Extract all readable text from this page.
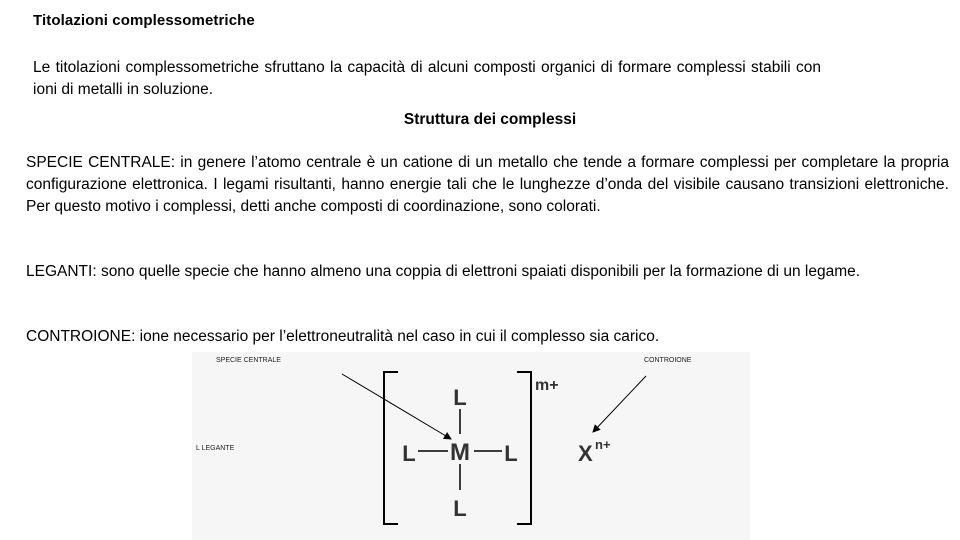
Titolazioni complessometriche
Le titolazioni complessometriche sfruttano la capacità di alcuni composti organici di formare complessi stabili con ioni di metalli in soluzione.
Struttura dei complessi
SPECIE CENTRALE: in genere l’atomo centrale è un catione di un metallo che tende a formare complessi per completare la propria configurazione elettronica. I legami risultanti, hanno energie tali che le lunghezze d’onda del visibile causano transizioni elettroniche. Per questo motivo i complessi, detti anche composti di coordinazione, sono colorati.
LEGANTI: sono quelle specie che hanno almeno una coppia di elettroni spaiati disponibili per la formazione di un legame.
CONTROIONE: ione necessario per l’elettroneutralità nel caso in cui il complesso sia carico.
SPECIE CENTRALE	CONTROIONE
L LEGANTE
L
M
L	L
L
m+
X n+
